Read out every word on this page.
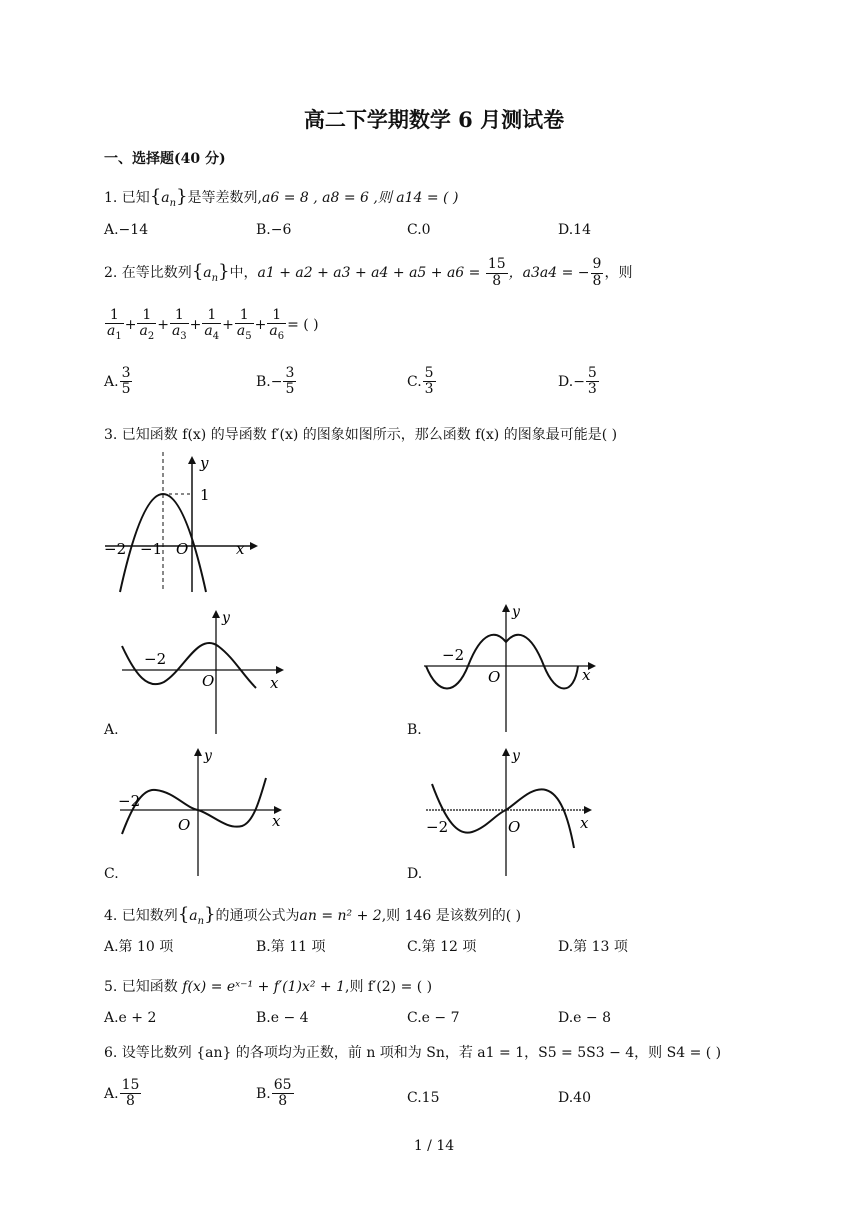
高二下学期数学 6 月测试卷
一、选择题(40 分)
1. 已知$\{a_n\}$是等差数列,a6 = 8 , a8 = 6 ,则 a14 = ( )
A.−14	B.−6	C.0	D.14
2. 在等比数列$\{a_n\}$中，$a1 + a2 + a3 + a4 + a5 + a6 = \frac{15}{8}$ ，a3a4 = − $\frac{9}{8}$ ，则
$\frac{1}{a_1} + \frac{1}{a_2} + \frac{1}{a_3} + \frac{1}{a_4} + \frac{1}{a_5} + \frac{1}{a_6}$ = ( )
A. $\frac{3}{5}$	$B.- \frac{3}{5}$	C. $\frac{5}{3}$	$D.- \frac{5}{3}$
3. 已知函数 f(x) 的导函数 f′(x) 的图象如图所示，那么函数 f(x) 的图象最可能是( )
y
1
−2 −1 O	x
y
−2
O	x
A.
y
−2
O	x
B.
y
−2
O	x
C.
y
−2	O	x
D.
4. 已知数列$\{a_n\}$的通项公式为an = n² + 2,则 146 是该数列的( )
A.第 10 项	B.第 11 项	C.第 12 项	D.第 13 项
5. 已知函数 f(x) = eˣ⁻¹ + f′(1)x² + 1,则 f′(2) = ( )
A.e + 2	B.e − 4	C.e − 7	D.e − 8
6. 设等比数列 {an} 的各项均为正数，前 n 项和为 Sn，若 a1 = 1，S5 = 5S3 − 4，则 S4 = ( )
A. $\frac{15}{8}$	B. $\frac{65}{8}$	C.15	D.40
1 / 14
